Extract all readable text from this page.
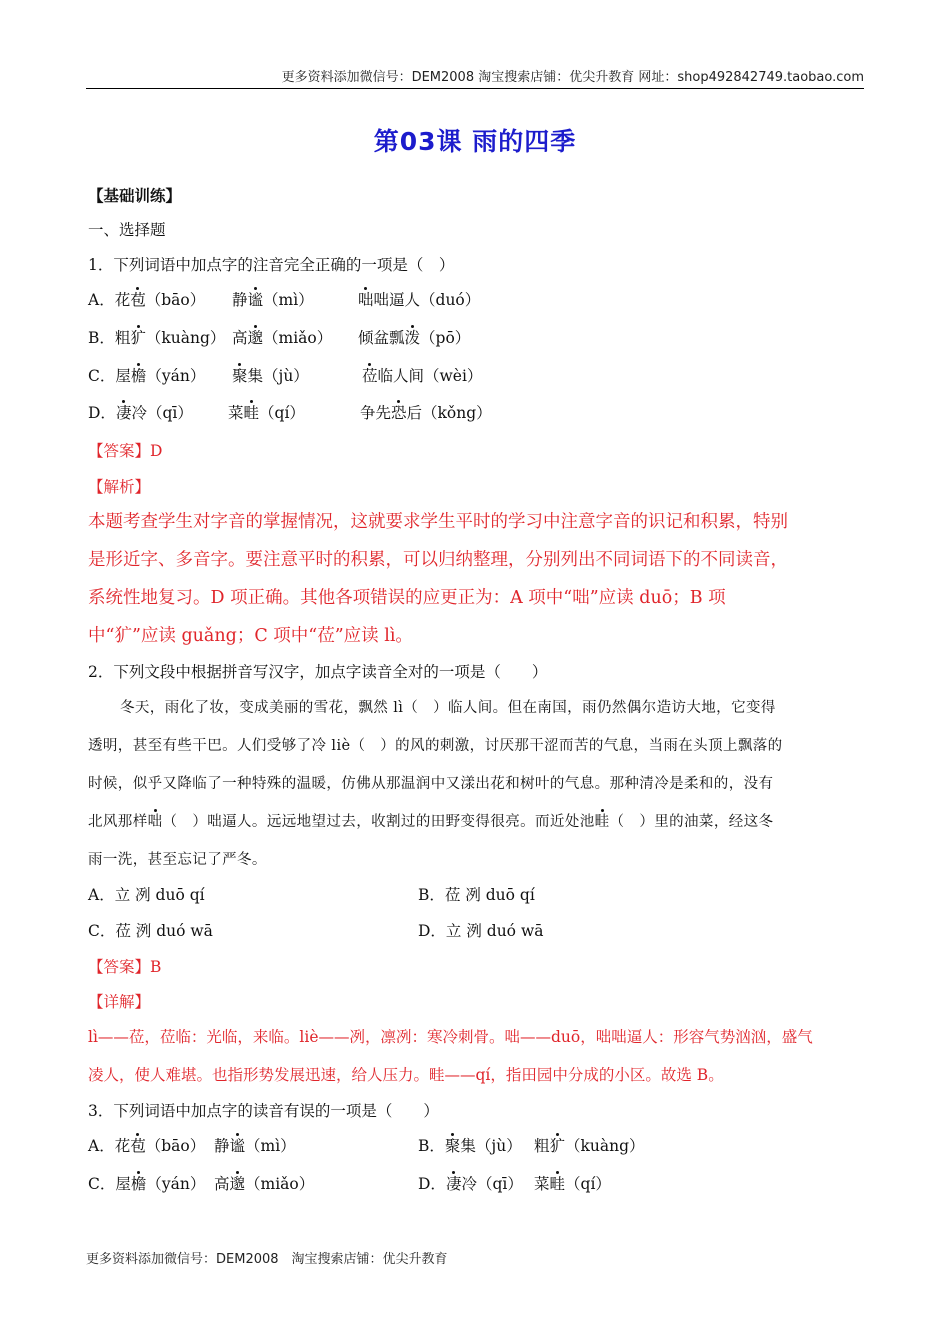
更多资料添加微信号：DEM2008 淘宝搜索店铺：优尖升教育 网址：shop492842749.taobao.com
第03课 雨的四季
【基础训练】
一、选择题
1．下列词语中加点字的注音完全正确的一项是（　）
【答案】D
【解析】
本题考查学生对字音的掌握情况，这就要求学生平时的学习中注意字音的识记和积累，特别
是形近字、多音字。要注意平时的积累，可以归纳整理，分别列出不同词语下的不同读音，
系统性地复习。D 项正确。其他各项错误的应更正为：A 项中“咄”应读 duō；B 项
中“犷”应读 guǎng；C 项中“莅”应读 lì。
2．下列文段中根据拼音写汉字，加点字读音全对的一项是（　　）
冬天，雨化了妆，变成美丽的雪花，飘然 lì（　）临人间。但在南国，雨仍然偶尔造访大地，它变得
透明，甚至有些干巴。人们受够了冷 liè（　）的风的刺激，讨厌那干涩而苦的气息，当雨在头顶上飘落的
时候，似乎又降临了一种特殊的温暖，仿佛从那温润中又漾出花和树叶的气息。那种清冷是柔和的，没有
北风那样咄（　）咄逼人。远远地望过去，收割过的田野变得很亮。而近处池畦（　）里的油菜，经这冬
雨一洗，甚至忘记了严冬。
A．立 冽 duō qí	B．莅 冽 duō qí
C．莅 洌 duó wā	D．立 洌 duó wā
【答案】B
【详解】
lì——莅，莅临：光临，来临。liè——冽，凛冽：寒冷刺骨。咄——duō，咄咄逼人：形容气势汹汹，盛气
凌人，使人难堪。也指形势发展迅速，给人压力。畦——qí，指田园中分成的小区。故选 B。
3．下列词语中加点字的读音有误的一项是（　　）
更多资料添加微信号：DEM2008　淘宝搜索店铺：优尖升教育
A．花苞（bāo） 静谧（mì）	咄咄逼人（duó）
B．粗犷（kuàng） 高邈（miǎo） 倾盆瓢泼（pō）
C．屋檐（yán） 聚集（jù）	莅临人间（wèi）
D．凄冷（qī） 菜畦（qí）	争先恐后（kǒng）
A．花苞（bāo） 静谧（mì）	B．聚集（jù） 粗犷（kuàng）
C．屋檐（yán） 高邈（miǎo）	D．凄冷（qī） 菜畦（qí）
